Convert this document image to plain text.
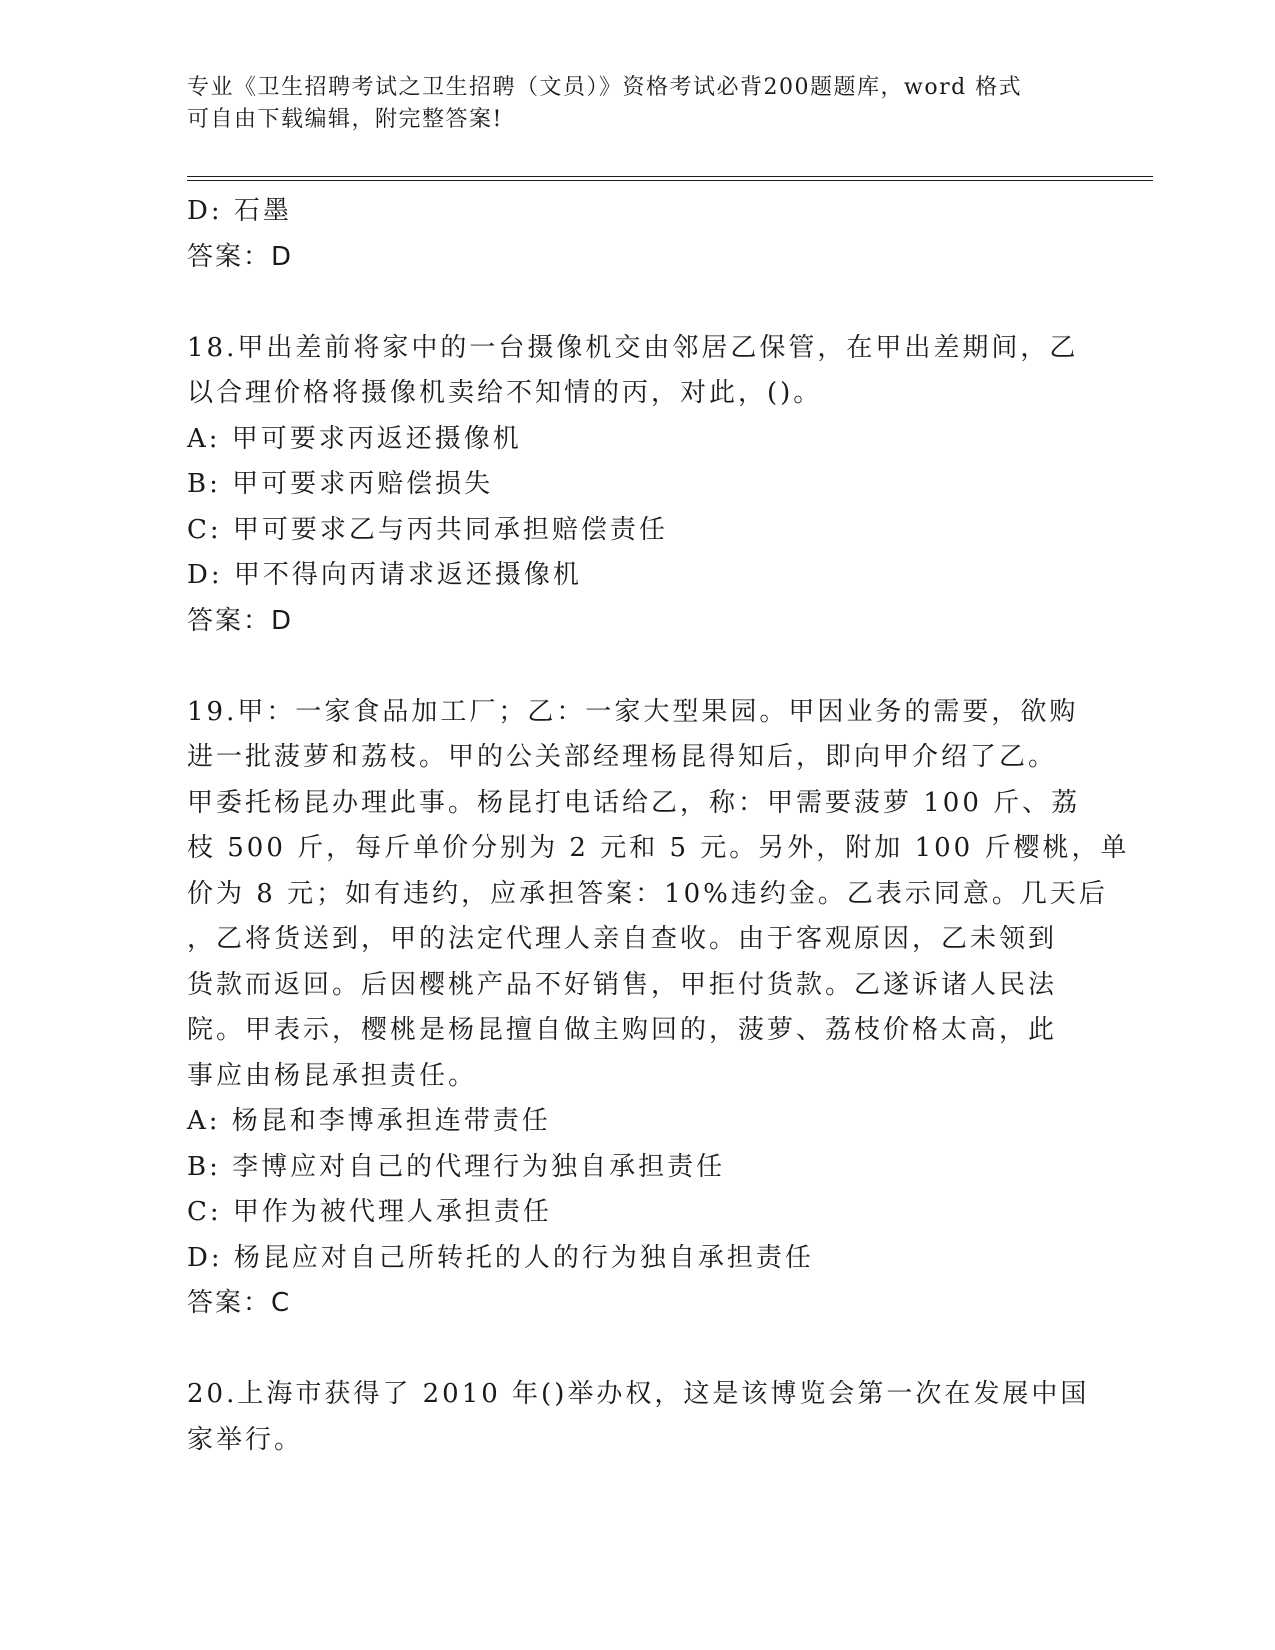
专业《卫生招聘考试之卫生招聘（文员）》资格考试必背200题题库，word 格式
可自由下载编辑，附完整答案!
D: 石墨
答案：D
18.甲出差前将家中的一台摄像机交由邻居乙保管，在甲出差期间，乙
以合理价格将摄像机卖给不知情的丙，对此，()。
A: 甲可要求丙返还摄像机
B: 甲可要求丙赔偿损失
C: 甲可要求乙与丙共同承担赔偿责任
D: 甲不得向丙请求返还摄像机
答案：D
19.甲：一家食品加工厂；乙：一家大型果园。甲因业务的需要，欲购
进一批菠萝和荔枝。甲的公关部经理杨昆得知后，即向甲介绍了乙。
甲委托杨昆办理此事。杨昆打电话给乙，称：甲需要菠萝 100 斤、荔
枝 500 斤，每斤单价分别为 2 元和 5 元。另外，附加 100 斤樱桃，单
价为 8 元；如有违约，应承担答案：10%违约金。乙表示同意。几天后
，乙将货送到，甲的法定代理人亲自查收。由于客观原因，乙未领到
货款而返回。后因樱桃产品不好销售，甲拒付货款。乙遂诉诸人民法
院。甲表示，樱桃是杨昆擅自做主购回的，菠萝、荔枝价格太高，此
事应由杨昆承担责任。
A: 杨昆和李博承担连带责任
B: 李博应对自己的代理行为独自承担责任
C: 甲作为被代理人承担责任
D: 杨昆应对自己所转托的人的行为独自承担责任
答案：C
20.上海市获得了 2010 年()举办权，这是该博览会第一次在发展中国
家举行。
